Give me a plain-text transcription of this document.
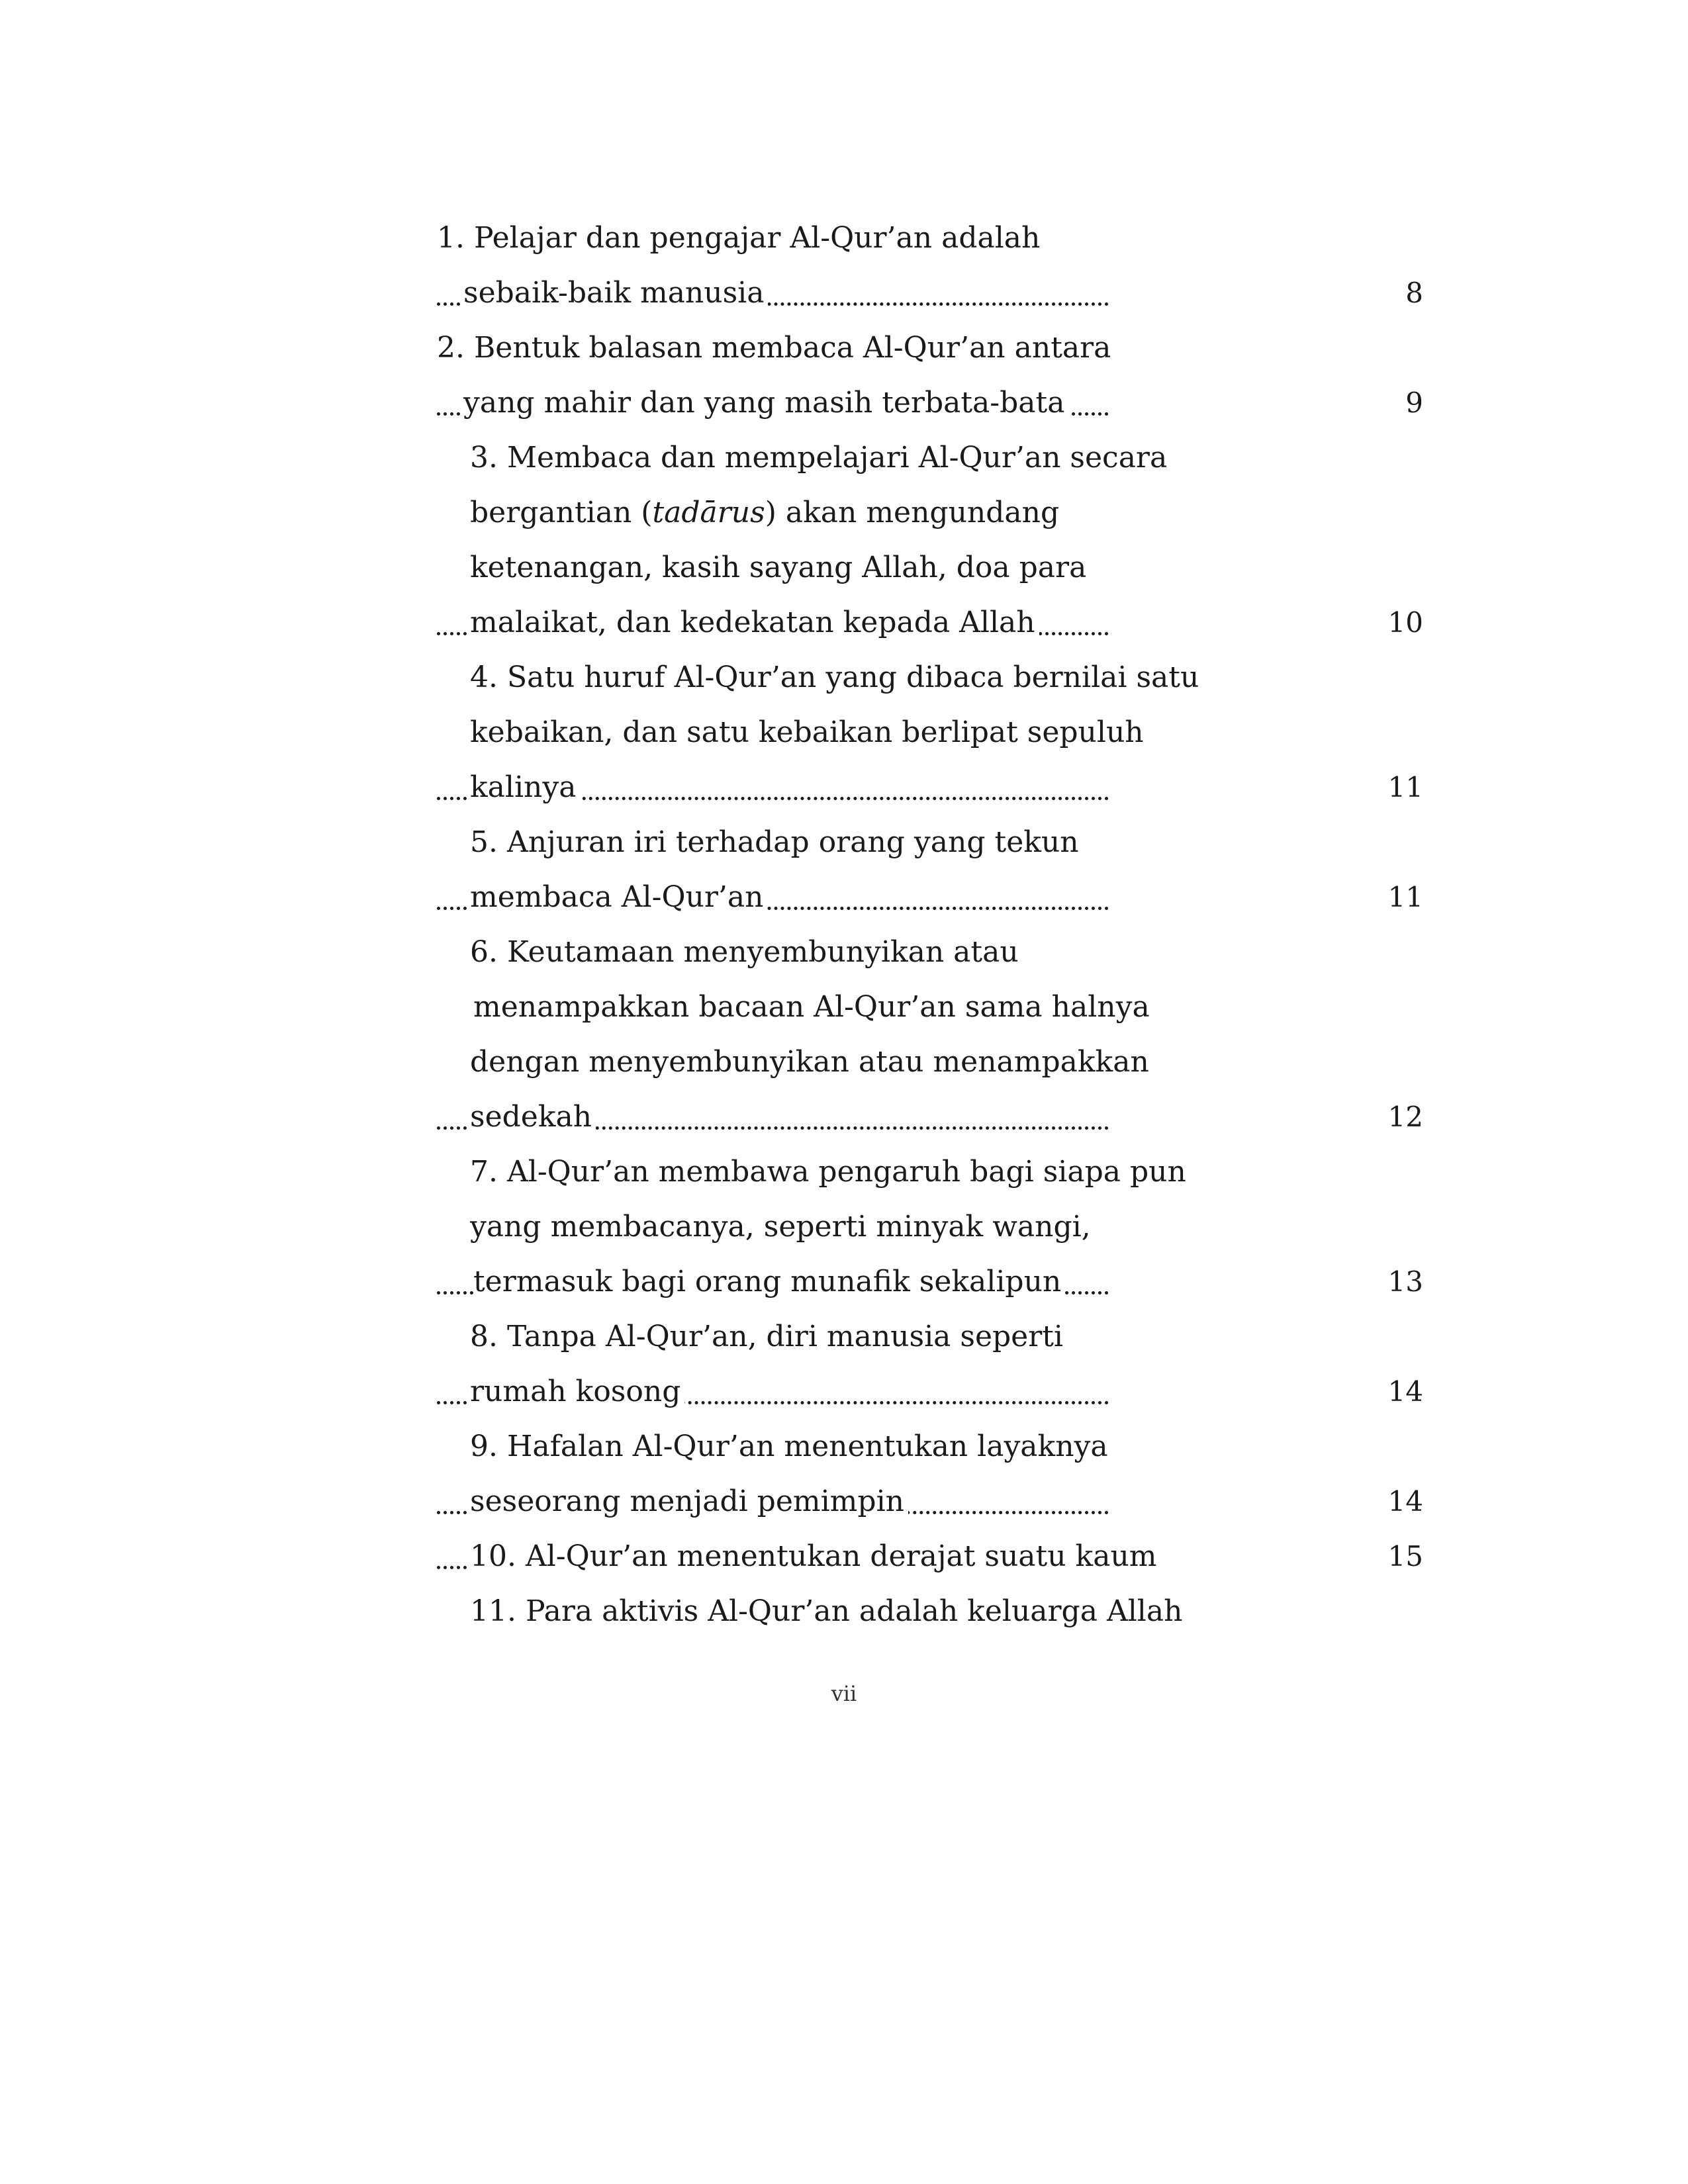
1. Pelajar dan pengajar Al-Qur’an adalah
sebaik-baik manusia	8
2. Bentuk balasan membaca Al-Qur’an antara
yang mahir dan yang masih terbata-bata	9
3. Membaca dan mempelajari Al-Qur’an secara
bergantian (tadārus) akan mengundang
ketenangan, kasih sayang Allah, doa para
malaikat, dan kedekatan kepada Allah	10
4. Satu huruf Al-Qur’an yang dibaca bernilai satu
kebaikan, dan satu kebaikan berlipat sepuluh
kalinya	11
5. Anjuran iri terhadap orang yang tekun
membaca Al-Qur’an	11
6. Keutamaan menyembunyikan atau
menampakkan bacaan Al-Qur’an sama halnya
dengan menyembunyikan atau menampakkan
sedekah	12
7. Al-Qur’an membawa pengaruh bagi siapa pun
yang membacanya, seperti minyak wangi,
termasuk bagi orang munafik sekalipun	13
8. Tanpa Al-Qur’an, diri manusia seperti
rumah kosong	14
9. Hafalan Al-Qur’an menentukan layaknya
seseorang menjadi pemimpin	14
10. Al-Qur’an menentukan derajat suatu kaum	15
11. Para aktivis Al-Qur’an adalah keluarga Allah
vii
